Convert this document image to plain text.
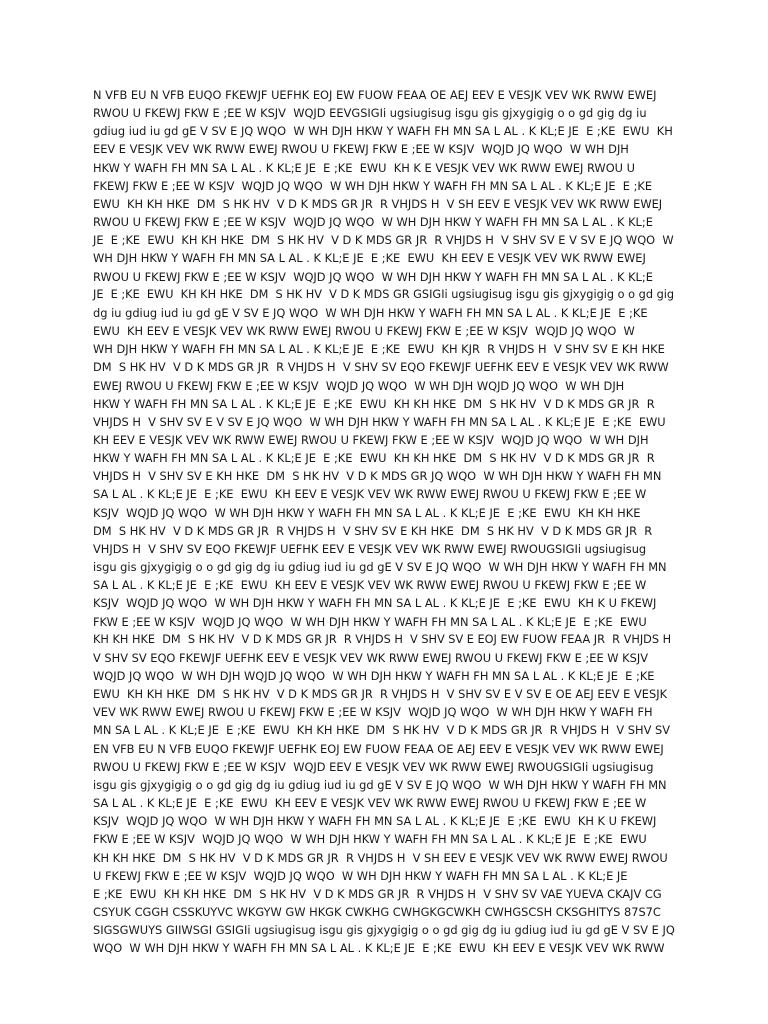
N VFB EU N VFB EUQO FKEWJF UEFHK EOJ EW FUOW FEAA OE AEJ EEV E VESJK VEV WK RWW EWEJ
RWOU U FKEWJ FKW E ;EE W KSJV  WQJD EEVGSIGIi ugsiugisug isgu gis gjxygigig o o gd gig dg iu
gdiug iud iu gd gE V SV E JQ WQO  W WH DJH HKW Y WAFH FH MN SA L AL . K KL;E JE  E ;KE  EWU  KH
EEV E VESJK VEV WK RWW EWEJ RWOU U FKEWJ FKW E ;EE W KSJV  WQJD JQ WQO  W WH DJH
HKW Y WAFH FH MN SA L AL . K KL;E JE  E ;KE  EWU  KH K E VESJK VEV WK RWW EWEJ RWOU U
FKEWJ FKW E ;EE W KSJV  WQJD JQ WQO  W WH DJH HKW Y WAFH FH MN SA L AL . K KL;E JE  E ;KE
EWU  KH KH HKE  DM  S HK HV  V D K MDS GR JR  R VHJDS H  V SH EEV E VESJK VEV WK RWW EWEJ
RWOU U FKEWJ FKW E ;EE W KSJV  WQJD JQ WQO  W WH DJH HKW Y WAFH FH MN SA L AL . K KL;E
JE  E ;KE  EWU  KH KH HKE  DM  S HK HV  V D K MDS GR JR  R VHJDS H  V SHV SV E V SV E JQ WQO  W
WH DJH HKW Y WAFH FH MN SA L AL . K KL;E JE  E ;KE  EWU  KH EEV E VESJK VEV WK RWW EWEJ
RWOU U FKEWJ FKW E ;EE W KSJV  WQJD JQ WQO  W WH DJH HKW Y WAFH FH MN SA L AL . K KL;E
JE  E ;KE  EWU  KH KH HKE  DM  S HK HV  V D K MDS GR GSIGIi ugsiugisug isgu gis gjxygigig o o gd gig
dg iu gdiug iud iu gd gE V SV E JQ WQO  W WH DJH HKW Y WAFH FH MN SA L AL . K KL;E JE  E ;KE
EWU  KH EEV E VESJK VEV WK RWW EWEJ RWOU U FKEWJ FKW E ;EE W KSJV  WQJD JQ WQO  W
WH DJH HKW Y WAFH FH MN SA L AL . K KL;E JE  E ;KE  EWU  KH KJR  R VHJDS H  V SHV SV E KH HKE
DM  S HK HV  V D K MDS GR JR  R VHJDS H  V SHV SV EQO FKEWJF UEFHK EEV E VESJK VEV WK RWW
EWEJ RWOU U FKEWJ FKW E ;EE W KSJV  WQJD JQ WQO  W WH DJH WQJD JQ WQO  W WH DJH
HKW Y WAFH FH MN SA L AL . K KL;E JE  E ;KE  EWU  KH KH HKE  DM  S HK HV  V D K MDS GR JR  R
VHJDS H  V SHV SV E V SV E JQ WQO  W WH DJH HKW Y WAFH FH MN SA L AL . K KL;E JE  E ;KE  EWU
KH EEV E VESJK VEV WK RWW EWEJ RWOU U FKEWJ FKW E ;EE W KSJV  WQJD JQ WQO  W WH DJH
HKW Y WAFH FH MN SA L AL . K KL;E JE  E ;KE  EWU  KH KH HKE  DM  S HK HV  V D K MDS GR JR  R
VHJDS H  V SHV SV E KH HKE  DM  S HK HV  V D K MDS GR JQ WQO  W WH DJH HKW Y WAFH FH MN
SA L AL . K KL;E JE  E ;KE  EWU  KH EEV E VESJK VEV WK RWW EWEJ RWOU U FKEWJ FKW E ;EE W
KSJV  WQJD JQ WQO  W WH DJH HKW Y WAFH FH MN SA L AL . K KL;E JE  E ;KE  EWU  KH KH HKE
DM  S HK HV  V D K MDS GR JR  R VHJDS H  V SHV SV E KH HKE  DM  S HK HV  V D K MDS GR JR  R
VHJDS H  V SHV SV EQO FKEWJF UEFHK EEV E VESJK VEV WK RWW EWEJ RWOUGSIGIi ugsiugisug
isgu gis gjxygigig o o gd gig dg iu gdiug iud iu gd gE V SV E JQ WQO  W WH DJH HKW Y WAFH FH MN
SA L AL . K KL;E JE  E ;KE  EWU  KH EEV E VESJK VEV WK RWW EWEJ RWOU U FKEWJ FKW E ;EE W
KSJV  WQJD JQ WQO  W WH DJH HKW Y WAFH FH MN SA L AL . K KL;E JE  E ;KE  EWU  KH K U FKEWJ
FKW E ;EE W KSJV  WQJD JQ WQO  W WH DJH HKW Y WAFH FH MN SA L AL . K KL;E JE  E ;KE  EWU
KH KH HKE  DM  S HK HV  V D K MDS GR JR  R VHJDS H  V SHV SV E EOJ EW FUOW FEAA JR  R VHJDS H
V SHV SV EQO FKEWJF UEFHK EEV E VESJK VEV WK RWW EWEJ RWOU U FKEWJ FKW E ;EE W KSJV
WQJD JQ WQO  W WH DJH WQJD JQ WQO  W WH DJH HKW Y WAFH FH MN SA L AL . K KL;E JE  E ;KE
EWU  KH KH HKE  DM  S HK HV  V D K MDS GR JR  R VHJDS H  V SHV SV E V SV E OE AEJ EEV E VESJK
VEV WK RWW EWEJ RWOU U FKEWJ FKW E ;EE W KSJV  WQJD JQ WQO  W WH DJH HKW Y WAFH FH
MN SA L AL . K KL;E JE  E ;KE  EWU  KH KH HKE  DM  S HK HV  V D K MDS GR JR  R VHJDS H  V SHV SV
EN VFB EU N VFB EUQO FKEWJF UEFHK EOJ EW FUOW FEAA OE AEJ EEV E VESJK VEV WK RWW EWEJ
RWOU U FKEWJ FKW E ;EE W KSJV  WQJD EEV E VESJK VEV WK RWW EWEJ RWOUGSIGIi ugsiugisug
isgu gis gjxygigig o o gd gig dg iu gdiug iud iu gd gE V SV E JQ WQO  W WH DJH HKW Y WAFH FH MN
SA L AL . K KL;E JE  E ;KE  EWU  KH EEV E VESJK VEV WK RWW EWEJ RWOU U FKEWJ FKW E ;EE W
KSJV  WQJD JQ WQO  W WH DJH HKW Y WAFH FH MN SA L AL . K KL;E JE  E ;KE  EWU  KH K U FKEWJ
FKW E ;EE W KSJV  WQJD JQ WQO  W WH DJH HKW Y WAFH FH MN SA L AL . K KL;E JE  E ;KE  EWU
KH KH HKE  DM  S HK HV  V D K MDS GR JR  R VHJDS H  V SH EEV E VESJK VEV WK RWW EWEJ RWOU
U FKEWJ FKW E ;EE W KSJV  WQJD JQ WQO  W WH DJH HKW Y WAFH FH MN SA L AL . K KL;E JE
E ;KE  EWU  KH KH HKE  DM  S HK HV  V D K MDS GR JR  R VHJDS H  V SHV SV VAE YUEVA CKAJV CG
CSYUK CGGH CSSKUYVC WKGYW GW HKGK CWKHG CWHGKGCWKH CWHGSCSH CKSGHITYS 87S7C
SIGSGWUYS GIIWSGI GSIGIi ugsiugisug isgu gis gjxygigig o o gd gig dg iu gdiug iud iu gd gE V SV E JQ
WQO  W WH DJH HKW Y WAFH FH MN SA L AL . K KL;E JE  E ;KE  EWU  KH EEV E VESJK VEV WK RWW
